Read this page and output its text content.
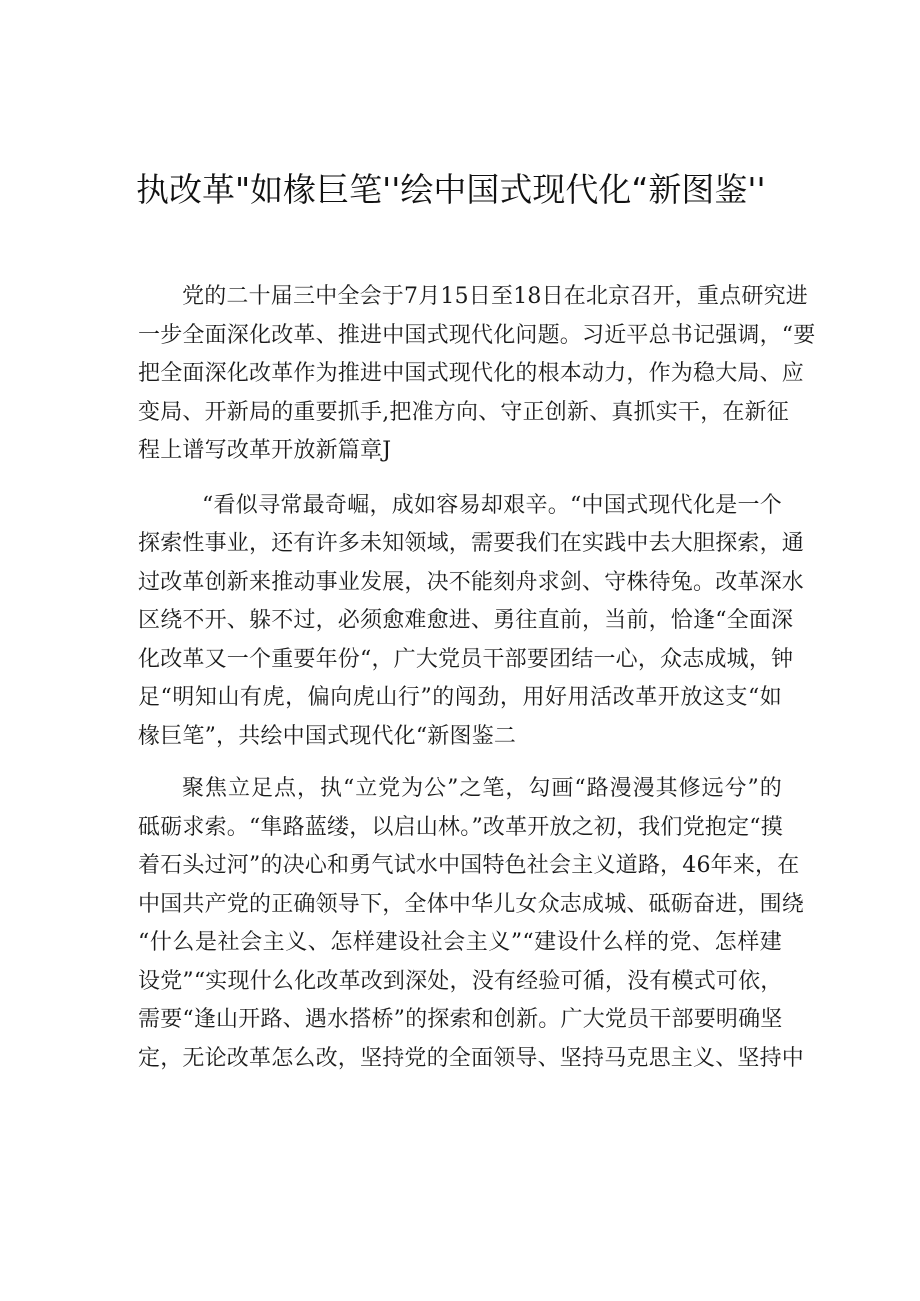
执改革"如椽巨笔''绘中国式现代化“新图鉴''
党的二十届三中全会于7月15日至18日在北京召开，重点研究进
一步全面深化改革、推进中国式现代化问题。习近平总书记强调，“要
把全面深化改革作为推进中国式现代化的根本动力，作为稳大局、应
变局、开新局的重要抓手,把准方向、守正创新、真抓实干，在新征
程上谱写改革开放新篇章J
“看似寻常最奇崛，成如容易却艰辛。“中国式现代化是一个
探索性事业，还有许多未知领域，需要我们在实践中去大胆探索，通
过改革创新来推动事业发展，决不能刻舟求剑、守株待兔。改革深水
区绕不开、躲不过，必须愈难愈进、勇往直前，当前，恰逢“全面深
化改革又一个重要年份“，广大党员干部要团结一心，众志成城，钟
足“明知山有虎，偏向虎山行”的闯劲，用好用活改革开放这支“如
椽巨笔”，共绘中国式现代化“新图鉴二
聚焦立足点，执“立党为公”之笔，勾画“路漫漫其修远兮”的
砥砺求索。“隼路蓝缕，以启山林。”改革开放之初，我们党抱定“摸
着石头过河”的决心和勇气试水中国特色社会主义道路，46年来，在
中国共产党的正确领导下，全体中华儿女众志成城、砥砺奋进，围绕
“什么是社会主义、怎样建设社会主义”“建设什么样的党、怎样建
设党”“实现什么化改革改到深处，没有经验可循，没有模式可依，
需要“逢山开路、遇水搭桥”的探索和创新。广大党员干部要明确坚
定，无论改革怎么改，坚持党的全面领导、坚持马克思主义、坚持中
